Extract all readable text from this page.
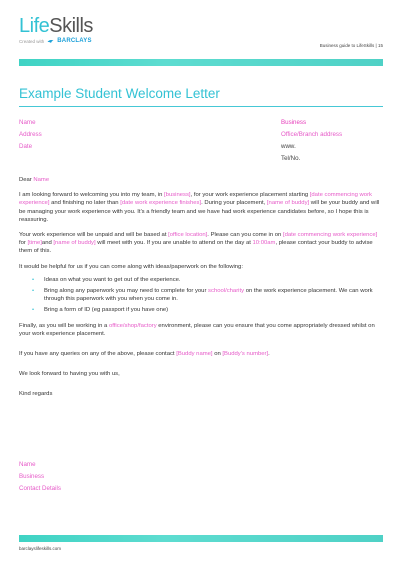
LifeSkills
Created with BARCLAYS
Business guide to LifeSkills | 15
Example Student Welcome Letter
Name
Address
Date
Business
Office/Branch address
www.
Tel/No.

Dear Name

I am looking forward to welcoming you into my team, in [business], for your work experience placement starting [date commencing work experience] and finishing no later than [date work experience finishes]. During your placement, [name of buddy] will be your buddy and will be managing your work experience with you. It’s a friendly team and we have had work experience candidates before, so I hope this is reassuring.

Your work experience will be unpaid and will be based at [office location]. Please can you come in on [date commencing work experience] for [time]and [name of buddy] will meet with you. If you are unable to attend on the day at 10:00am, please contact your buddy to advise them of this.

It would be helpful for us if you can come along with ideas/paperwork on the following:

• Ideas on what you want to get out of the experience.
• Bring along any paperwork you may need to complete for your school/charity on the work experience placement. We can work through this paperwork with you when you come in.
• Bring a form of ID (eg passport if you have one)

Finally, as you will be working in a office/shop/factory environment, please can you ensure that you come appropriately dressed whilst on your work experience placement.

If you have any queries on any of the above, please contact [Buddy name] on [Buddy’s number].

We look forward to having you with us,

Kind regards

Name
Business
Contact Details
barclayslifeskills.com
